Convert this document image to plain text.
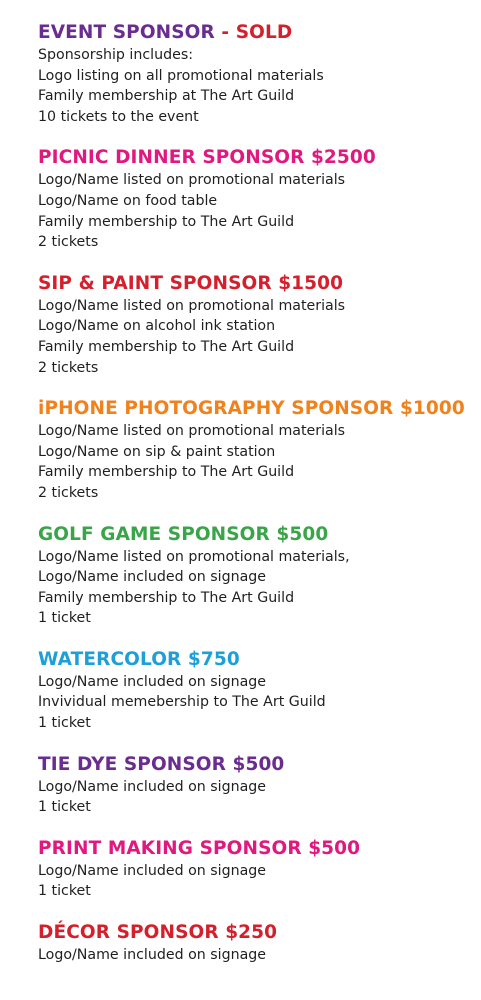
EVENT SPONSOR - SOLD
Sponsorship includes:
Logo listing on all promotional materials
Family membership at The Art Guild
10 tickets to the event
PICNIC DINNER SPONSOR $2500
Logo/Name listed on promotional materials
Logo/Name on food table
Family membership to The Art Guild
2 tickets
SIP & PAINT SPONSOR $1500
Logo/Name listed on promotional materials
Logo/Name on alcohol ink station
Family membership to The Art Guild
2 tickets
iPHONE PHOTOGRAPHY SPONSOR $1000
Logo/Name listed on promotional materials
Logo/Name on sip & paint station
Family membership to The Art Guild
2 tickets
GOLF GAME SPONSOR $500
Logo/Name listed on promotional materials,
Logo/Name included on signage
Family membership to The Art Guild
1 ticket
WATERCOLOR $750
Logo/Name included on signage
Invividual memebership to The Art Guild
1 ticket
TIE DYE SPONSOR $500
Logo/Name included on signage
1 ticket
PRINT MAKING SPONSOR $500
Logo/Name included on signage
1 ticket
DÉCOR SPONSOR $250
Logo/Name included on signage
